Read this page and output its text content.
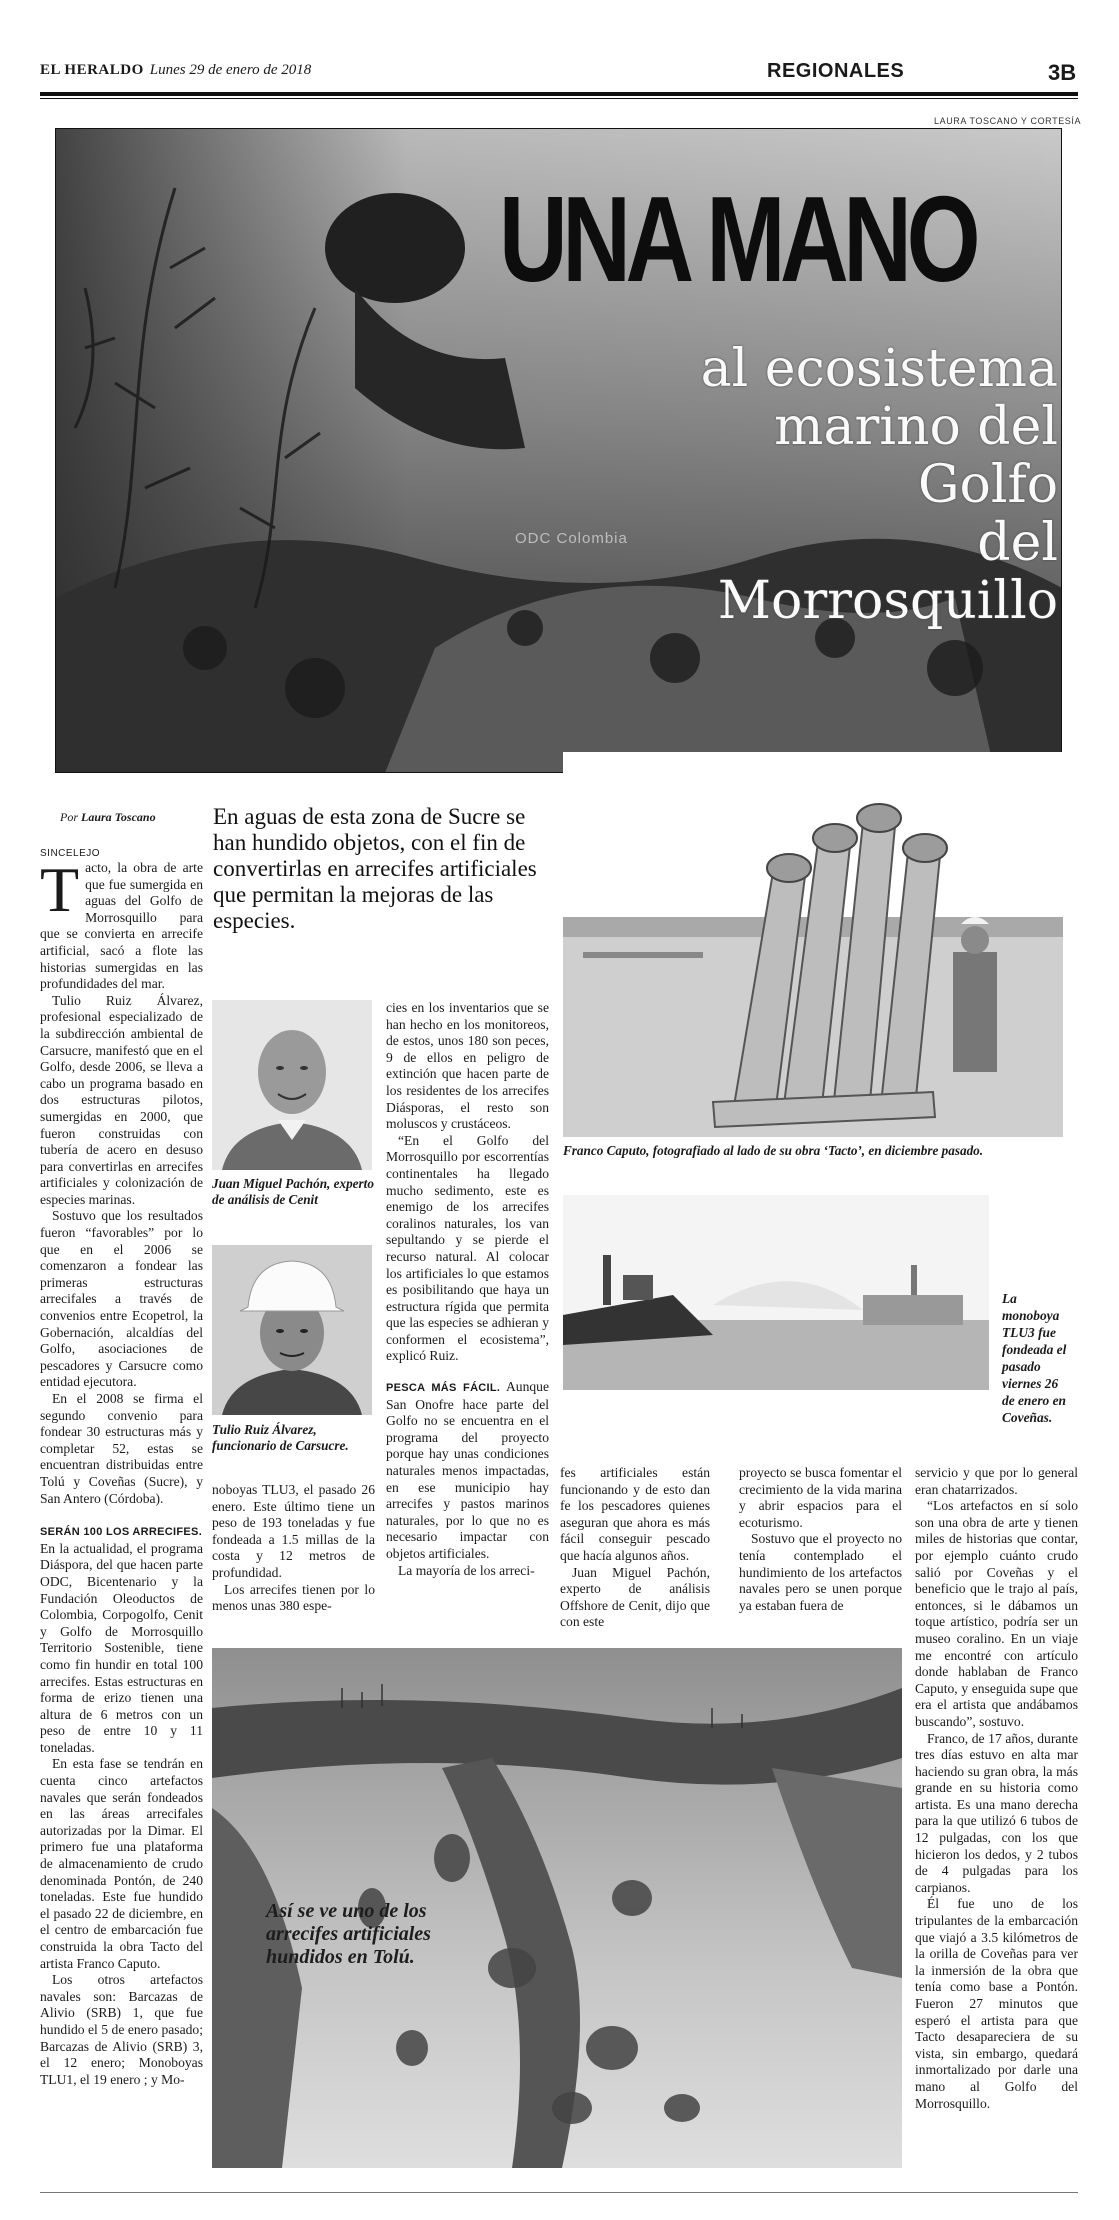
EL HERALDO Lunes 29 de enero de 2018	REGIONALES	3B
LAURA TOSCANO Y CORTESÍA
UNA MANO
al ecosistema
marino del Golfo
del Morrosquillo
ODC Colombia
Por Laura Toscano
SINCELEJO
En aguas de esta zona de Sucre se han hundido objetos, con el fin de convertirlas en arrecifes artificiales que permitan la mejoras de las especies.

Tacto, la obra de arte que fue sumergida en aguas del Golfo de Morrosquillo para que se convierta en arrecife artificial, sacó a flote las historias sumergidas en las profundidades del mar.

Tulio Ruiz Álvarez, profesional especializado de la subdirección ambiental de Carsucre, manifestó que en el Golfo, desde 2006, se lleva a cabo un programa basado en dos estructuras pilotos, sumergidas en 2000, que fueron construidas con tubería de acero en desuso para convertirlas en arrecifes artificiales y colonización de especies marinas.

Sostuvo que los resultados fueron “favorables” por lo que en el 2006 se comenzaron a fondear las primeras estructuras arrecifales a través de convenios entre Ecopetrol, la Gobernación, alcaldías del Golfo, asociaciones de pescadores y Carsucre como entidad ejecutora.

En el 2008 se firma el segundo convenio para fondear 30 estructuras más y completar 52, estas se encuentran distribuidas entre Tolú y Coveñas (Sucre), y San Antero (Córdoba).

SERÁN 100 LOS ARRECIFES.

En la actualidad, el programa Diáspora, del que hacen parte ODC, Bicentenario y la Fundación Oleoductos de Colombia, Corpogolfo, Cenit y Golfo de Morrosquillo Territorio Sostenible, tiene como fin hundir en total 100 arrecifes. Estas estructuras en forma de erizo tienen una altura de 6 metros con un peso de entre 10 y 11 toneladas.

En esta fase se tendrán en cuenta cinco artefactos navales que serán fondeados en las áreas arrecifales autorizadas por la Dimar. El primero fue una plataforma de almacenamiento de crudo denominada Pontón, de 240 toneladas. Este fue hundido el pasado 22 de diciembre, en el centro de embarcación fue construida la obra Tacto del artista Franco Caputo.

Los otros artefactos navales son: Barcazas de Alivio (SRB) 1, que fue hundido el 5 de enero pasado; Barcazas de Alivio (SRB) 3, el 12 enero; Monoboyas TLU1, el 19 enero ; y Mo-

Juan Miguel Pachón, experto de análisis de Cenit
Tulio Ruiz Álvarez, funcionario de Carsucre.

noboyas TLU3, el pasado 26 enero. Este último tiene un peso de 193 toneladas y fue fondeada a 1.5 millas de la costa y 12 metros de profundidad.

Los arrecifes tienen por lo menos unas 380 espe-

cies en los inventarios que se han hecho en los monitoreos, de estos, unos 180 son peces, 9 de ellos en peligro de extinción que hacen parte de los residentes de los arrecifes Diásporas, el resto son moluscos y crustáceos.

“En el Golfo del Morrosquillo por escorrentías continentales ha llegado mucho sedimento, este es enemigo de los arrecifes coralinos naturales, los van sepultando y se pierde el recurso natural. Al colocar los artificiales lo que estamos es posibilitando que haya un estructura rígida que permita que las especies se adhieran y conformen el ecosistema”, explicó Ruiz.

PESCA MÁS FÁCIL. Aunque San Onofre hace parte del Golfo no se encuentra en el programa del proyecto porque hay unas condiciones naturales menos impactadas, en ese municipio hay arrecifes y pastos marinos naturales, por lo que no es necesario impactar con objetos artificiales.

La mayoría de los arreci-

Franco Caputo, fotografiado al lado de su obra ‘Tacto’, en diciembre pasado.
La monoboya TLU3 fue fondeada el pasado viernes 26 de enero en Coveñas.

fes artificiales están funcionando y de esto dan fe los pescadores quienes aseguran que ahora es más fácil conseguir pescado que hacía algunos años.

Juan Miguel Pachón, experto de análisis Offshore de Cenit, dijo que con este

proyecto se busca fomentar el crecimiento de la vida marina y abrir espacios para el ecoturismo.

Sostuvo que el proyecto no tenía contemplado el hundimiento de los artefactos navales pero se unen porque ya estaban fuera de

servicio y que por lo general eran chatarrizados.

“Los artefactos en sí solo son una obra de arte y tienen miles de historias que contar, por ejemplo cuánto crudo salió por Coveñas y el beneficio que le trajo al país, entonces, si le dábamos un toque artístico, podría ser un museo coralino. En un viaje me encontré con artículo donde hablaban de Franco Caputo, y enseguida supe que era el artista que andábamos buscando”, sostuvo.

Franco, de 17 años, durante tres días estuvo en alta mar haciendo su gran obra, la más grande en su historia como artista. Es una mano derecha para la que utilizó 6 tubos de 12 pulgadas, con los que hicieron los dedos, y 2 tubos de 4 pulgadas para los carpianos.

Él fue uno de los tripulantes de la embarcación que viajó a 3.5 kilómetros de la orilla de Coveñas para ver la inmersión de la obra que tenía como base a Pontón. Fueron 27 minutos que esperó el artista para que Tacto desapareciera de su vista, sin embargo, quedará inmortalizado por darle una mano al Golfo del Morrosquillo.

Así se ve uno de los arrecifes artificiales hundidos en Tolú.
